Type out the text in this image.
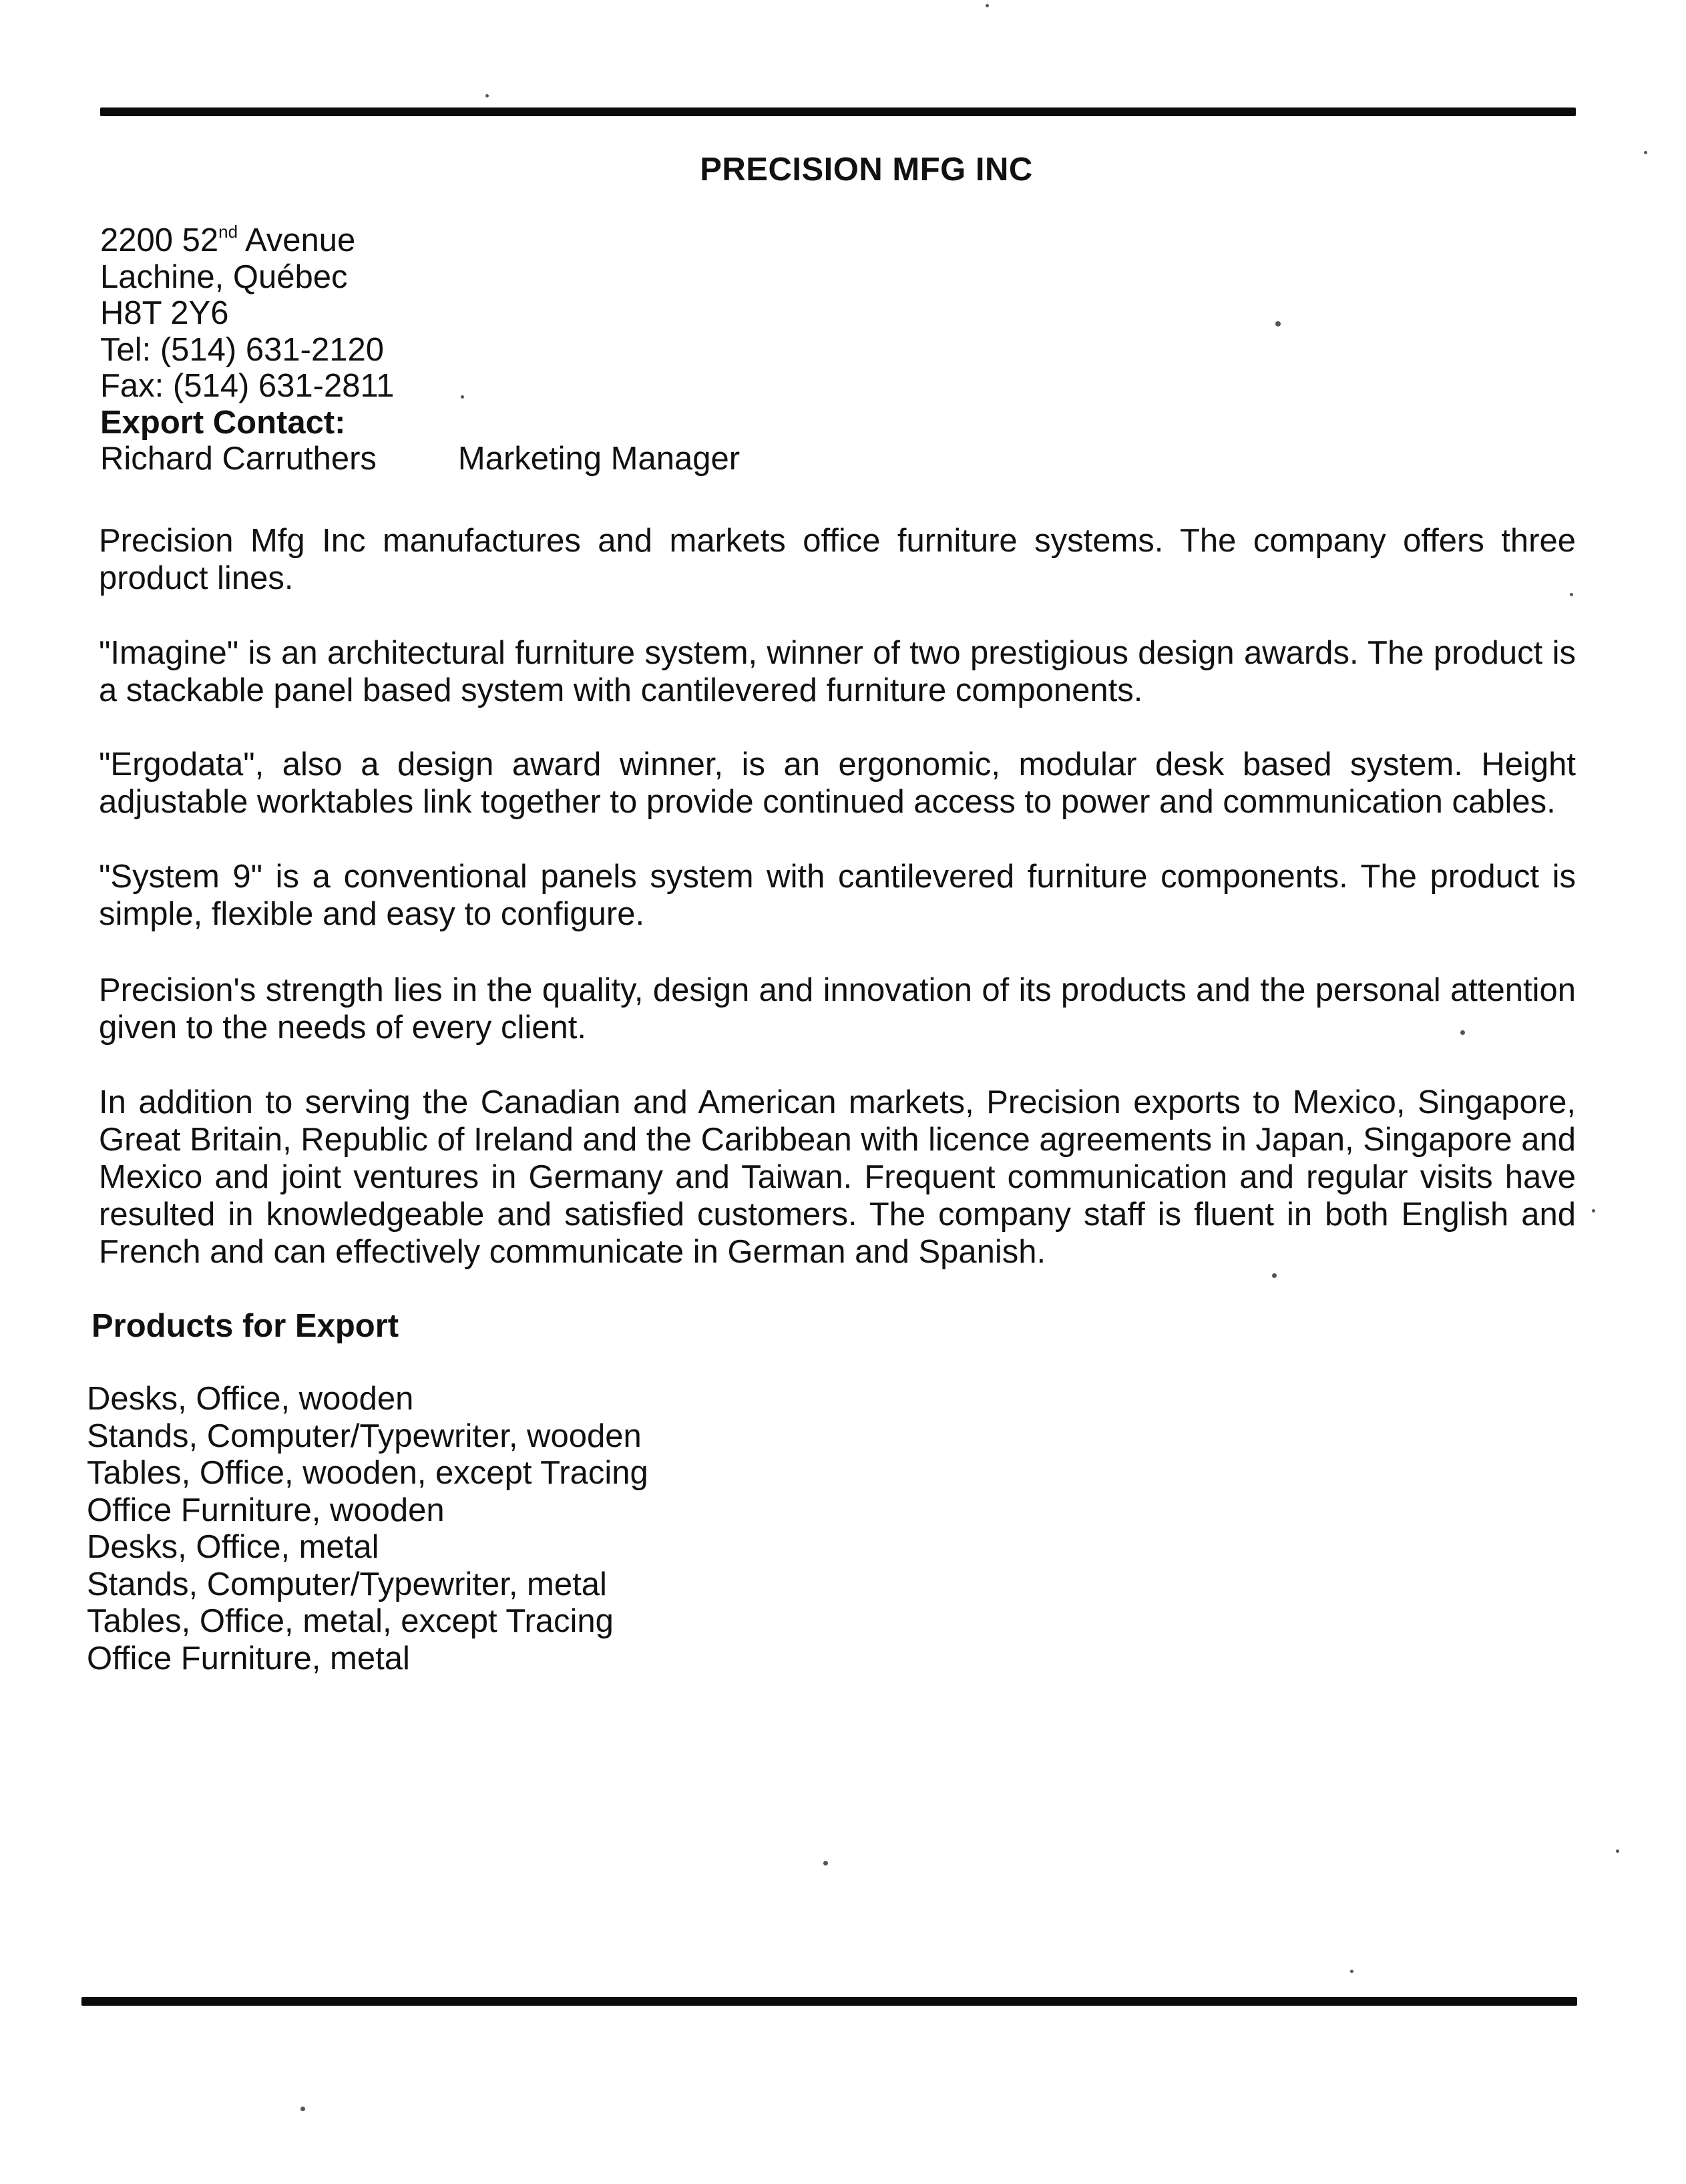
PRECISION MFG INC
2200 52nd Avenue
Lachine, Québec
H8T 2Y6
Tel: (514) 631-2120
Fax: (514) 631-2811
Export Contact:
Richard Carruthers Marketing Manager
Precision Mfg Inc manufactures and markets office furniture systems. The company offers three product lines.
"Imagine" is an architectural furniture system, winner of two prestigious design awards. The product is a stackable panel based system with cantilevered furniture components.
"Ergodata", also a design award winner, is an ergonomic, modular desk based system. Height adjustable worktables link together to provide continued access to power and communication cables.
"System 9" is a conventional panels system with cantilevered furniture components. The product is simple, flexible and easy to configure.
Precision's strength lies in the quality, design and innovation of its products and the personal attention given to the needs of every client.
In addition to serving the Canadian and American markets, Precision exports to Mexico, Singapore, Great Britain, Republic of Ireland and the Caribbean with licence agreements in Japan, Singapore and Mexico and joint ventures in Germany and Taiwan. Frequent communication and regular visits have resulted in knowledgeable and satisfied customers. The company staff is fluent in both English and French and can effectively communicate in German and Spanish.
Products for Export
Desks, Office, wooden
Stands, Computer/Typewriter, wooden
Tables, Office, wooden, except Tracing
Office Furniture, wooden
Desks, Office, metal
Stands, Computer/Typewriter, metal
Tables, Office, metal, except Tracing
Office Furniture, metal
